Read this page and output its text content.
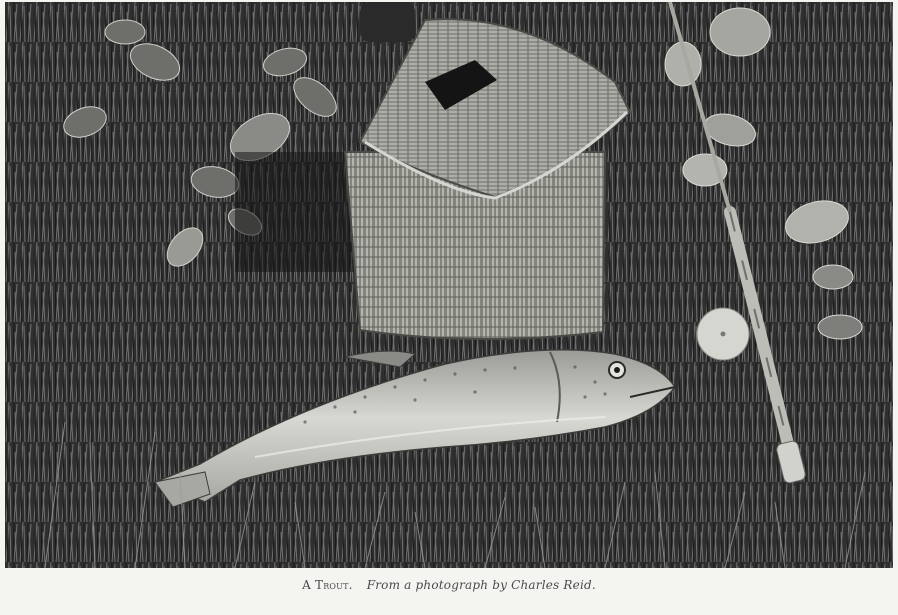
A Trout. From a photograph by Charles Reid.
